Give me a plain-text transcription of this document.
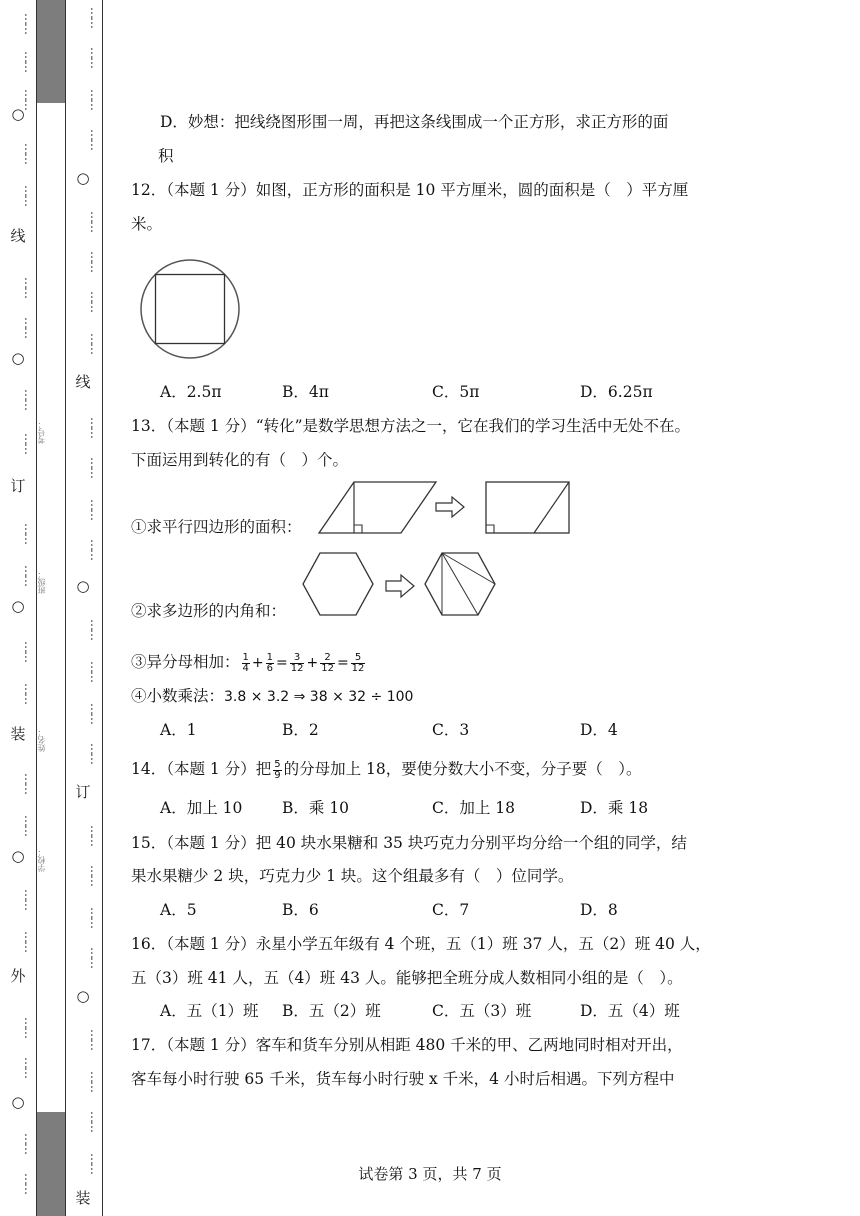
……
……
……
○
……
……
线
……
……
○
……
……
订
……
……
○
……
……
装
……
……
○
……
……
外
……
……
○
……
……
……
……
……
……
○
……
……
……
……
线
……
……
……
……
○
……
……
……
……
订
……
……
……
……
○
……
……
……
……
装
考号：
班级：
姓名：
学校：
D．妙想：把线绕图形围一周，再把这条线围成一个正方形，求正方形的面
积
12．（本题 1 分）如图，正方形的面积是 10 平方厘米，圆的面积是（　）平方厘
米。
A．2.5π	B．4π	C．5π	D．6.25π
13．（本题 1 分）“转化”是数学思想方法之一，它在我们的学习生活中无处不在。
下面运用到转化的有（　）个。
①求平行四边形的面积：
②求多边形的内角和：
③异分母相加： $\frac{1}{4} + \frac{1}{6} = \frac{3}{12} + \frac{2}{12} = \frac{5}{12}$
④小数乘法：3.8 × 3.2 ⇒ 38 × 32 ÷ 100
A．1	B．2	C．3	D．4
14．（本题 1 分）把 $\frac{5}{9}$ 的分母加上 18，要使分数大小不变，分子要（　）。
A．加上 10	B．乘 10	C．加上 18	D．乘 18
15．（本题 1 分）把 40 块水果糖和 35 块巧克力分别平均分给一个组的同学，结
果水果糖少 2 块，巧克力少 1 块。这个组最多有（　）位同学。
A．5	B．6	C．7	D．8
16．（本题 1 分）永星小学五年级有 4 个班，五（1）班 37 人，五（2）班 40 人，
五（3）班 41 人，五（4）班 43 人。能够把全班分成人数相同小组的是（　）。
A．五（1）班 B．五（2）班	C．五（3）班	D．五（4）班
17．（本题 1 分）客车和货车分别从相距 480 千米的甲、乙两地同时相对开出，
客车每小时行驶 65 千米，货车每小时行驶 x 千米，4 小时后相遇。下列方程中
试卷第 3 页，共 7 页
